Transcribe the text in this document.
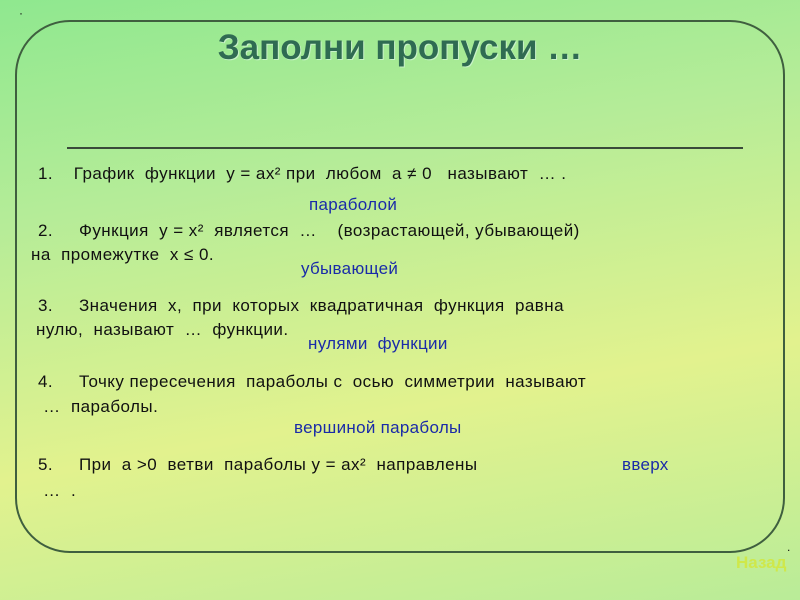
·
.
Заполни пропуски …
1.    График  функции  у = ах² при  любом  а ≠ 0   называют  … .
параболой
2.     Функция  у = х²  является  …    (возрастающей, убывающей)
на  промежутке  х ≤ 0.
убывающей
3.     Значения  х,  при  которых  квадратичная  функция  равна
нулю,  называют  …  функции.
нулями  функции
4.     Точку пересечения  параболы с  осью  симметрии  называют
…  параболы.
вершиной параболы
5.     При  а >0  ветви  параболы у = ах²  направлены
…  .
вверх
Назад
